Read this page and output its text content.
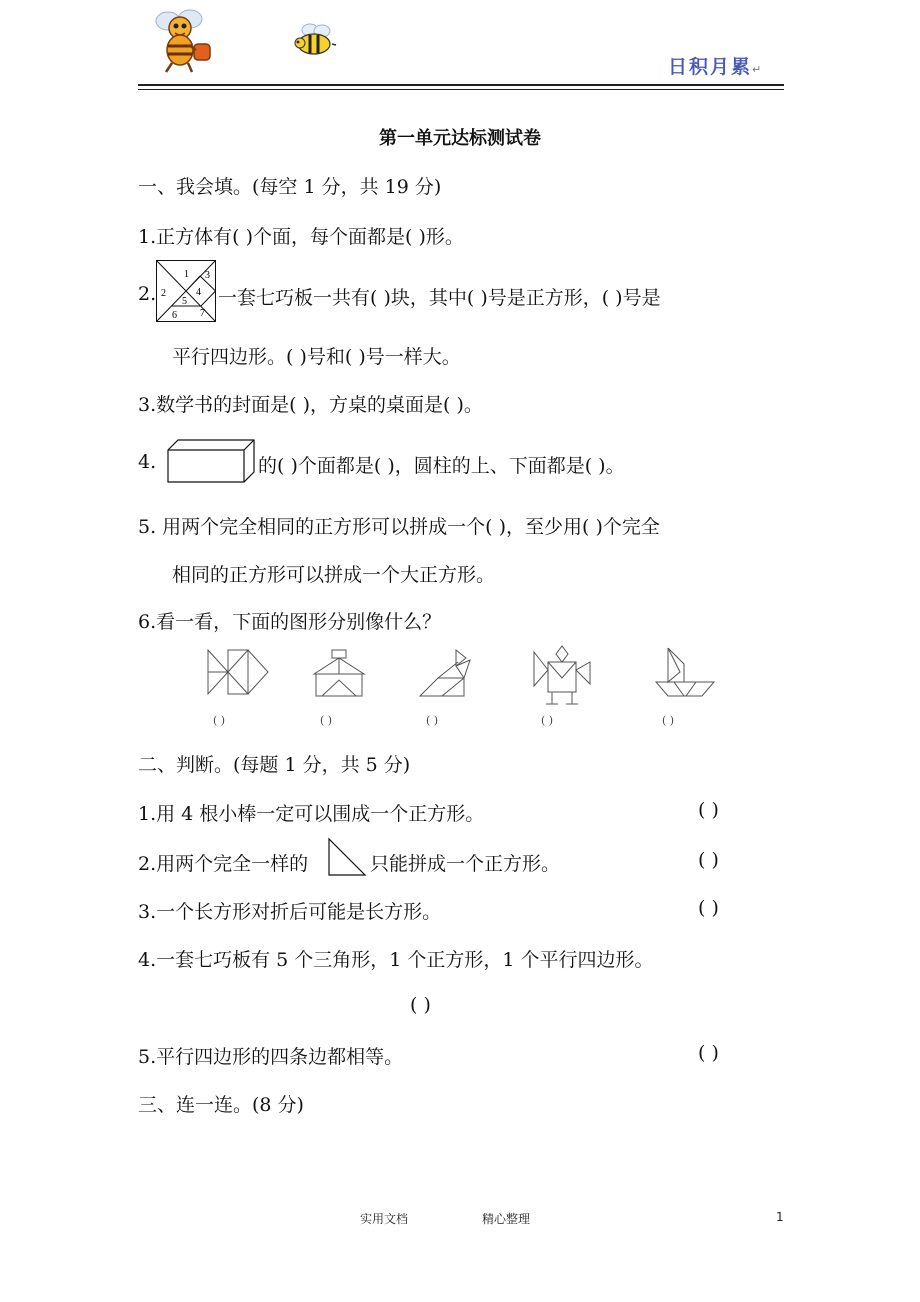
日积月累↵
第一单元达标测试卷
一、我会填。(每空 1 分，共 19 分)
1.正方体有( )个面，每个面都是( )形。
2.
1
2
3
4
5
6 7
一套七巧板一共有( )块，其中( )号是正方形，( )号是
平行四边形。( )号和( )号一样大。
3.数学书的封面是( )，方桌的桌面是( )。
4.	的( )个面都是( )，圆柱的上、下面都是( )。
5. 用两个完全相同的正方形可以拼成一个( )，至少用( )个完全
相同的正方形可以拼成一个大正方形。
6.看一看，下面的图形分别像什么？
( )	( )	( )	( )	( )
二、判断。(每题 1 分，共 5 分)
1.用 4 根小棒一定可以围成一个正方形。	( )
2.用两个完全一样的	只能拼成一个正方形。	( )
3.一个长方形对折后可能是长方形。	( )
4.一套七巧板有 5 个三角形，1 个正方形，1 个平行四边形。
( )
5.平行四边形的四条边都相等。	( )
三、连一连。(8 分)
实用文档	精心整理	1
